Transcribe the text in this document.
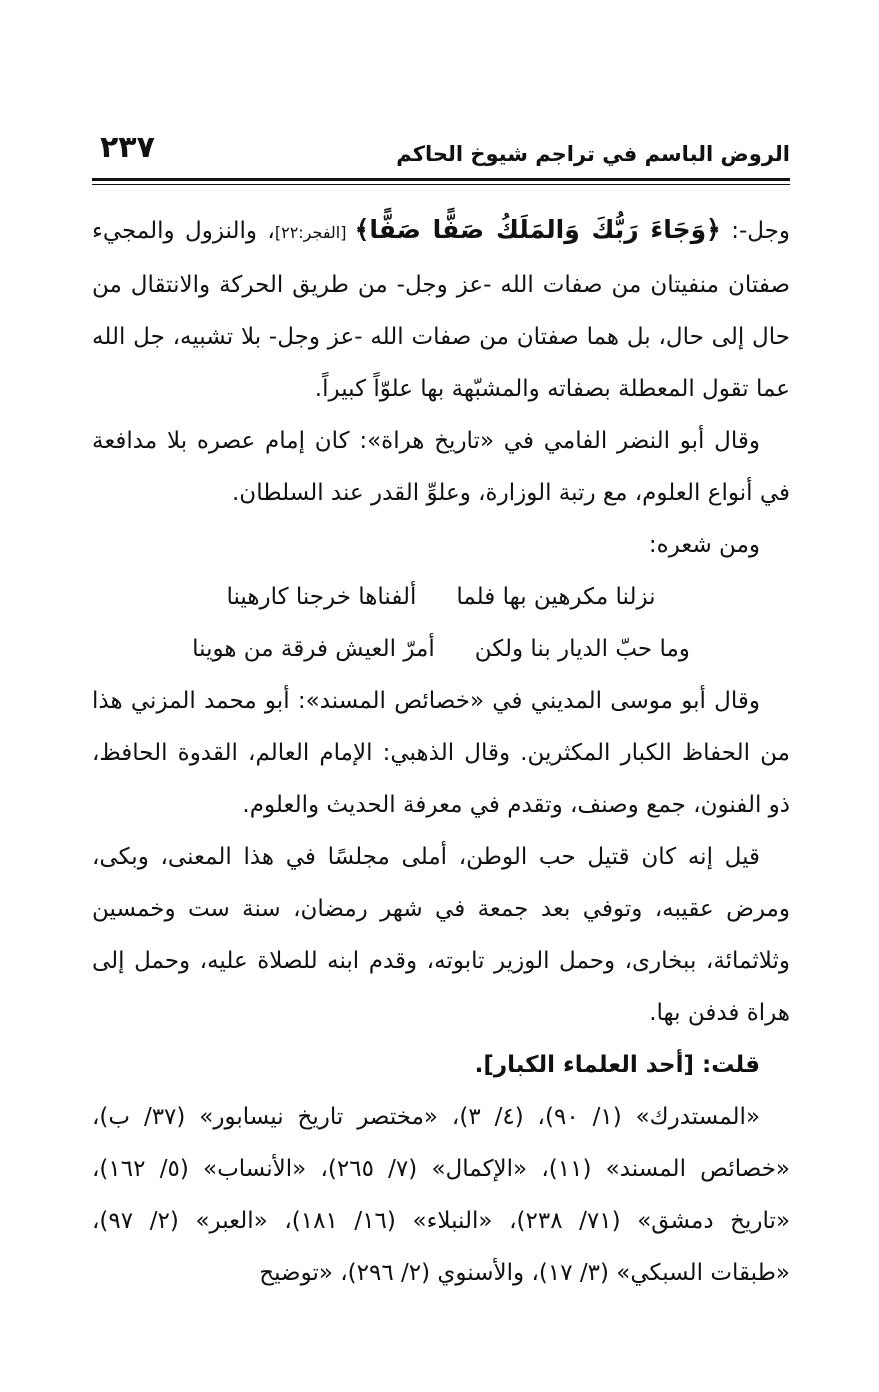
الروض الباسم في تراجم شيوخ الحاكم
٢٣٧

وجل-: ﴿وَجَاءَ رَبُّكَ وَالمَلَكُ صَفًّا صَفًّا﴾ [الفجر:٢٢]، والنزول والمجيء صفتان منفيتان من صفات الله -عز وجل- من طريق الحركة والانتقال من حال إلى حال، بل هما صفتان من صفات الله -عز وجل- بلا تشبيه، جل الله عما تقول المعطلة بصفاته والمشبّهة بها علوّاً كبيراً.

وقال أبو النضر الفامي في «تاريخ هراة»: كان إمام عصره بلا مدافعة في أنواع العلوم، مع رتبة الوزارة، وعلوِّ القدر عند السلطان.

ومن شعره:

نزلنا مكرهين بها فلما
ألفناها خرجنا كارهينا
وما حبّ الديار بنا ولكن
أمرّ العيش فرقة من هوينا

وقال أبو موسى المديني في «خصائص المسند»: أبو محمد المزني هذا من الحفاظ الكبار المكثرين. وقال الذهبي: الإمام العالم، القدوة الحافظ، ذو الفنون، جمع وصنف، وتقدم في معرفة الحديث والعلوم.

قيل إنه كان قتيل حب الوطن، أملى مجلسًا في هذا المعنى، وبكى، ومرض عقيبه، وتوفي بعد جمعة في شهر رمضان، سنة ست وخمسين وثلاثمائة، ببخارى، وحمل الوزير تابوته، وقدم ابنه للصلاة عليه، وحمل إلى هراة فدفن بها.

قلت: [أحد العلماء الكبار].

«المستدرك» (١/ ٩٠)، (٤/ ٣)، «مختصر تاريخ نيسابور» (٣٧/ ب)، «خصائص المسند» (١١)، «الإكمال» (٧/ ٢٦٥)، «الأنساب» (٥/ ١٦٢)، «تاريخ دمشق» (٧١/ ٢٣٨)، «النبلاء» (١٦/ ١٨١)، «العبر» (٢/ ٩٧)، «طبقات السبكي» (٣/ ١٧)، والأسنوي (٢/ ٢٩٦)، «توضيح
